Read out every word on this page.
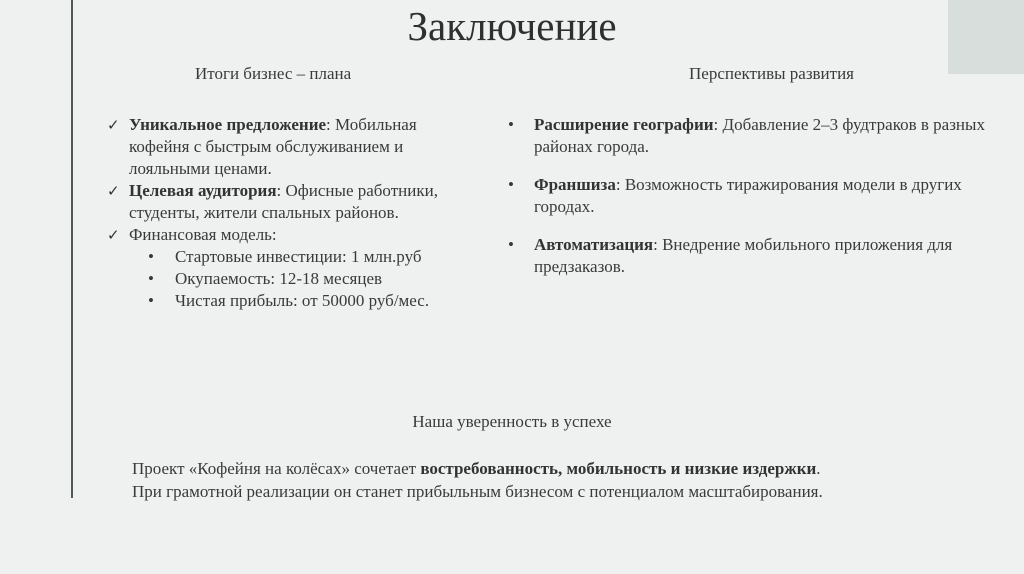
Заключение
Итоги бизнес – плана	Перспективы развития
✓ Уникальное предложение: Мобильная кофейня с быстрым обслуживанием и лояльными ценами.
✓ Целевая аудитория: Офисные работники, студенты, жители спальных районов.
✓ Финансовая модель:
• Стартовые инвестиции: 1 млн.руб
• Окупаемость: 12-18 месяцев
• Чистая прибыль: от 50000 руб/мес.
• Расширение географии: Добавление 2–3 фудтраков в разных районах города.
• Франшиза: Возможность тиражирования модели в других городах.
• Автоматизация: Внедрение мобильного приложения для предзаказов.
Наша уверенность в успехе
Проект «Кофейня на колёсах» сочетает востребованность, мобильность и низкие издержки.
При грамотной реализации он станет прибыльным бизнесом с потенциалом масштабирования.
